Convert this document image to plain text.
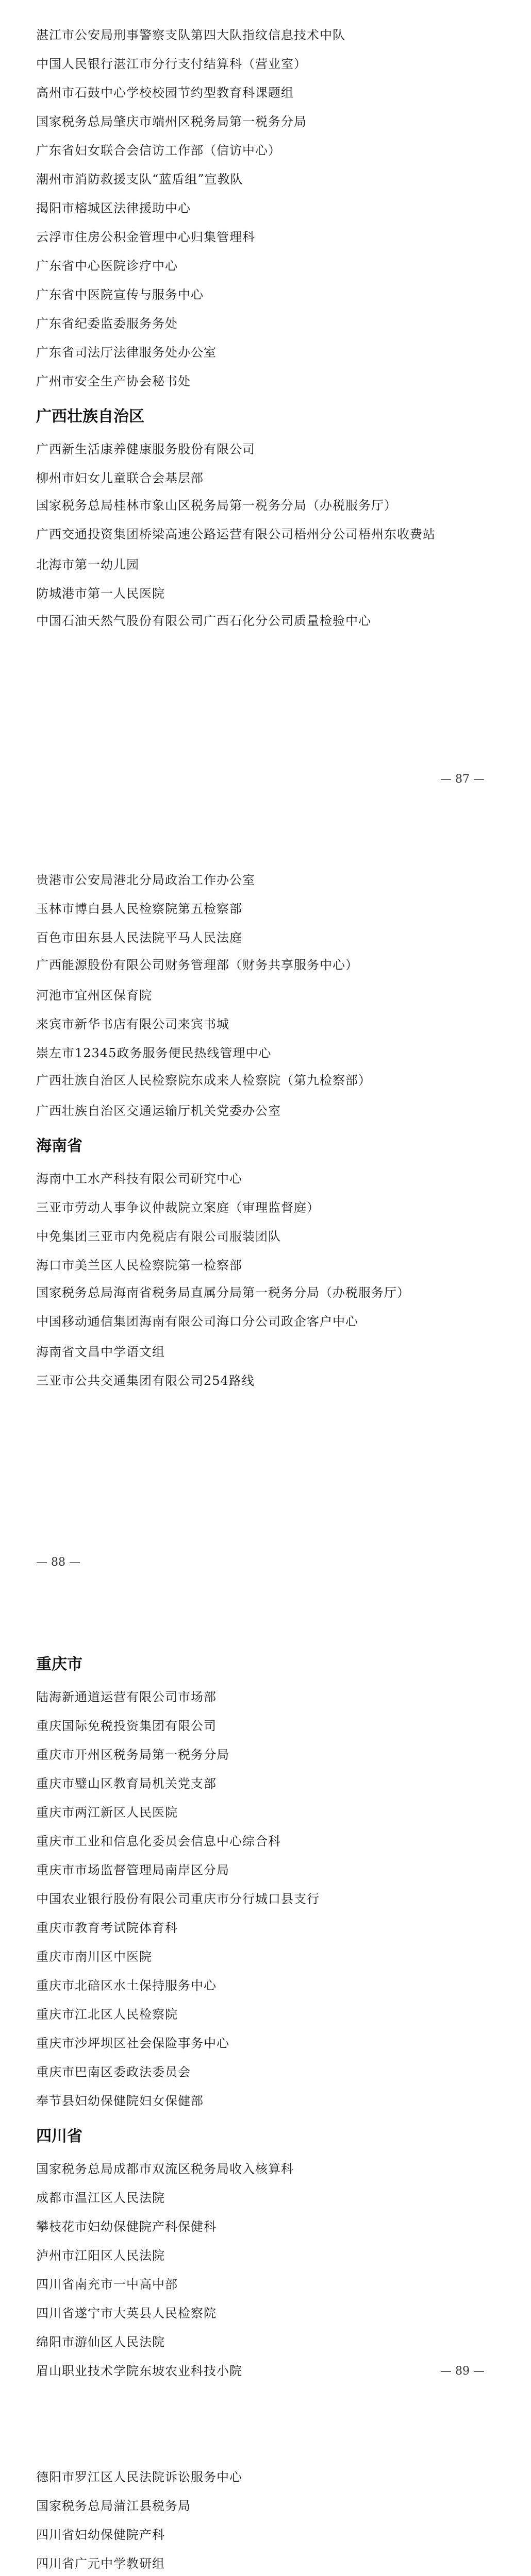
湛江市公安局刑事警察支队第四大队指纹信息技术中队
中国人民银行湛江市分行支付结算科（营业室）
高州市石鼓中心学校校园节约型教育科课题组
国家税务总局肇庆市端州区税务局第一税务分局
广东省妇女联合会信访工作部（信访中心）
潮州市消防救援支队“蓝盾组”宣教队
揭阳市榕城区法律援助中心
云浮市住房公积金管理中心归集管理科
广东省中心医院诊疗中心
广东省中医院宣传与服务中心
广东省纪委监委服务务处
广东省司法厅法律服务处办公室
广州市安全生产协会秘书处
广西壮族自治区
广西新生活康养健康服务股份有限公司
柳州市妇女儿童联合会基层部
国家税务总局桂林市象山区税务局第一税务分局（办税服务厅）
广西交通投资集团桥梁高速公路运营有限公司梧州分公司梧州东收费站
北海市第一幼儿园
防城港市第一人民医院
中国石油天然气股份有限公司广西石化分公司质量检验中心
— 87 —
贵港市公安局港北分局政治工作办公室
玉林市博白县人民检察院第五检察部
百色市田东县人民法院平马人民法庭
广西能源股份有限公司财务管理部（财务共享服务中心）
河池市宜州区保育院
来宾市新华书店有限公司来宾书城
崇左市12345政务服务便民热线管理中心
广西壮族自治区人民检察院东成来人检察院（第九检察部）
广西壮族自治区交通运输厅机关党委办公室
海南省
海南中工水产科技有限公司研究中心
三亚市劳动人事争议仲裁院立案庭（审理监督庭）
中免集团三亚市内免税店有限公司服装团队
海口市美兰区人民检察院第一检察部
国家税务总局海南省税务局直属分局第一税务分局（办税服务厅）
中国移动通信集团海南有限公司海口分公司政企客户中心
海南省文昌中学语文组
三亚市公共交通集团有限公司254路线
— 88 —
重庆市
陆海新通道运营有限公司市场部
重庆国际免税投资集团有限公司
重庆市开州区税务局第一税务分局
重庆市璧山区教育局机关党支部
重庆市两江新区人民医院
重庆市工业和信息化委员会信息中心综合科
重庆市市场监督管理局南岸区分局
中国农业银行股份有限公司重庆市分行城口县支行
重庆市教育考试院体育科
重庆市南川区中医院
重庆市北碚区水土保持服务中心
重庆市江北区人民检察院
重庆市沙坪坝区社会保险事务中心
重庆市巴南区委政法委员会
奉节县妇幼保健院妇女保健部
四川省
国家税务总局成都市双流区税务局收入核算科
成都市温江区人民法院
攀枝花市妇幼保健院产科保健科
泸州市江阳区人民法院
四川省南充市一中高中部
四川省遂宁市大英县人民检察院
绵阳市游仙区人民法院
眉山职业技术学院东坡农业科技小院	— 89 —
德阳市罗江区人民法院诉讼服务中心
国家税务总局蒲江县税务局
四川省妇幼保健院产科
四川省广元中学教研组
